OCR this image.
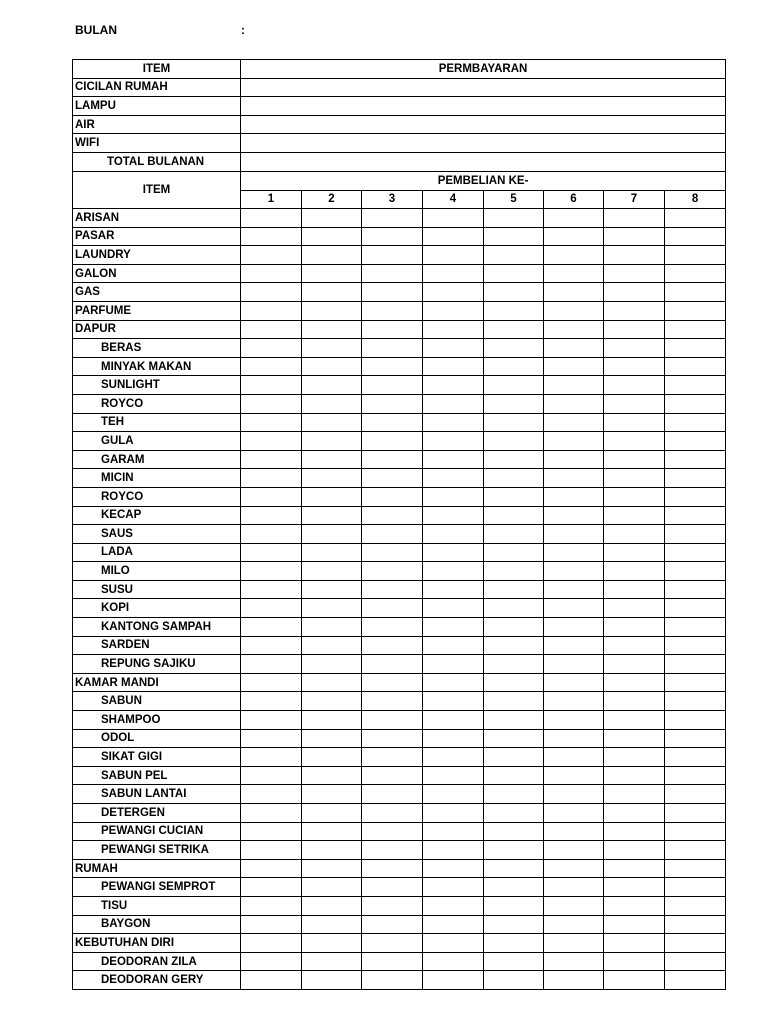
BULAN	:
ITEM	PERMBAYARAN
CICILAN RUMAH	
LAMPU	
AIR	
WIFI	
TOTAL BULANAN	
ITEM	PEMBELIAN KE-							
	1	2	3	4	5	6	7	8
ARISAN								
PASAR								
LAUNDRY								
GALON								
GAS								
PARFUME								
DAPUR								
BERAS								
MINYAK MAKAN								
SUNLIGHT								
ROYCO								
TEH								
GULA								
GARAM								
MICIN								
ROYCO								
KECAP								
SAUS								
LADA								
MILO								
SUSU								
KOPI								
KANTONG SAMPAH								
SARDEN								
REPUNG SAJIKU								
KAMAR MANDI								
SABUN								
SHAMPOO								
ODOL								
SIKAT GIGI								
SABUN PEL								
SABUN LANTAI								
DETERGEN								
PEWANGI CUCIAN								
PEWANGI SETRIKA								
RUMAH								
PEWANGI SEMPROT								
TISU								
BAYGON								
KEBUTUHAN DIRI								
DEODORAN ZILA								
DEODORAN GERY								
